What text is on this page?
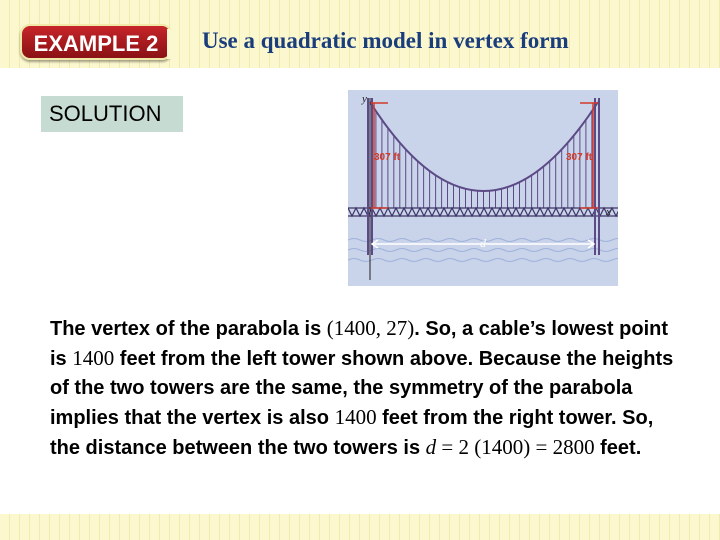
EXAMPLE 2	Use a quadratic model in vertex form
SOLUTION
y
x
307 ft	307 ft
d
The vertex of the parabola is (1400, 27). So, a cable’s lowest point is 1400 feet from the left tower shown above. Because the heights of the two towers are the same, the symmetry of the parabola implies that the vertex is also 1400 feet from the right tower. So, the distance between the two towers is d = 2 (1400) = 2800 feet.
